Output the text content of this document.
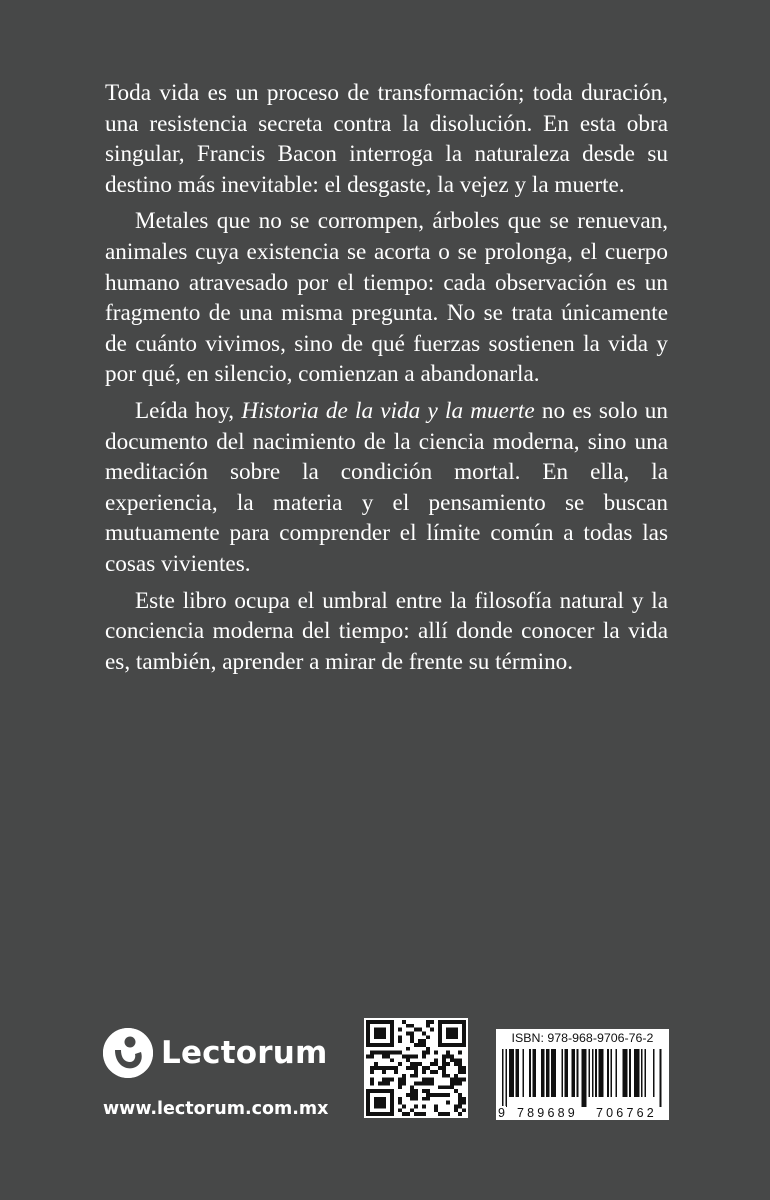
Toda vida es un proceso de transformación; toda duración, una resistencia secreta contra la disolución. En esta obra singular, Francis Bacon interroga la naturaleza desde su destino más inevitable: el desgaste, la vejez y la muerte.

Metales que no se corrompen, árboles que se renuevan, animales cuya existencia se acorta o se prolonga, el cuerpo humano atravesado por el tiempo: cada observación es un fragmento de una misma pregunta. No se trata únicamente de cuánto vivimos, sino de qué fuerzas sostienen la vida y por qué, en silencio, comienzan a abandonarla.

Leída hoy, Historia de la vida y la muerte no es solo un documento del nacimiento de la ciencia moderna, sino una meditación sobre la condición mortal. En ella, la experiencia, la materia y el pensamiento se buscan mutuamente para comprender el límite común a todas las cosas vivientes.

Este libro ocupa el umbral entre la filosofía natural y la conciencia moderna del tiempo: allí donde conocer la vida es, también, aprender a mirar de frente su término.

Lectorum
www.lectorum.com.mx
ISBN: 978-968-9706-76-2
9 789689 706762
